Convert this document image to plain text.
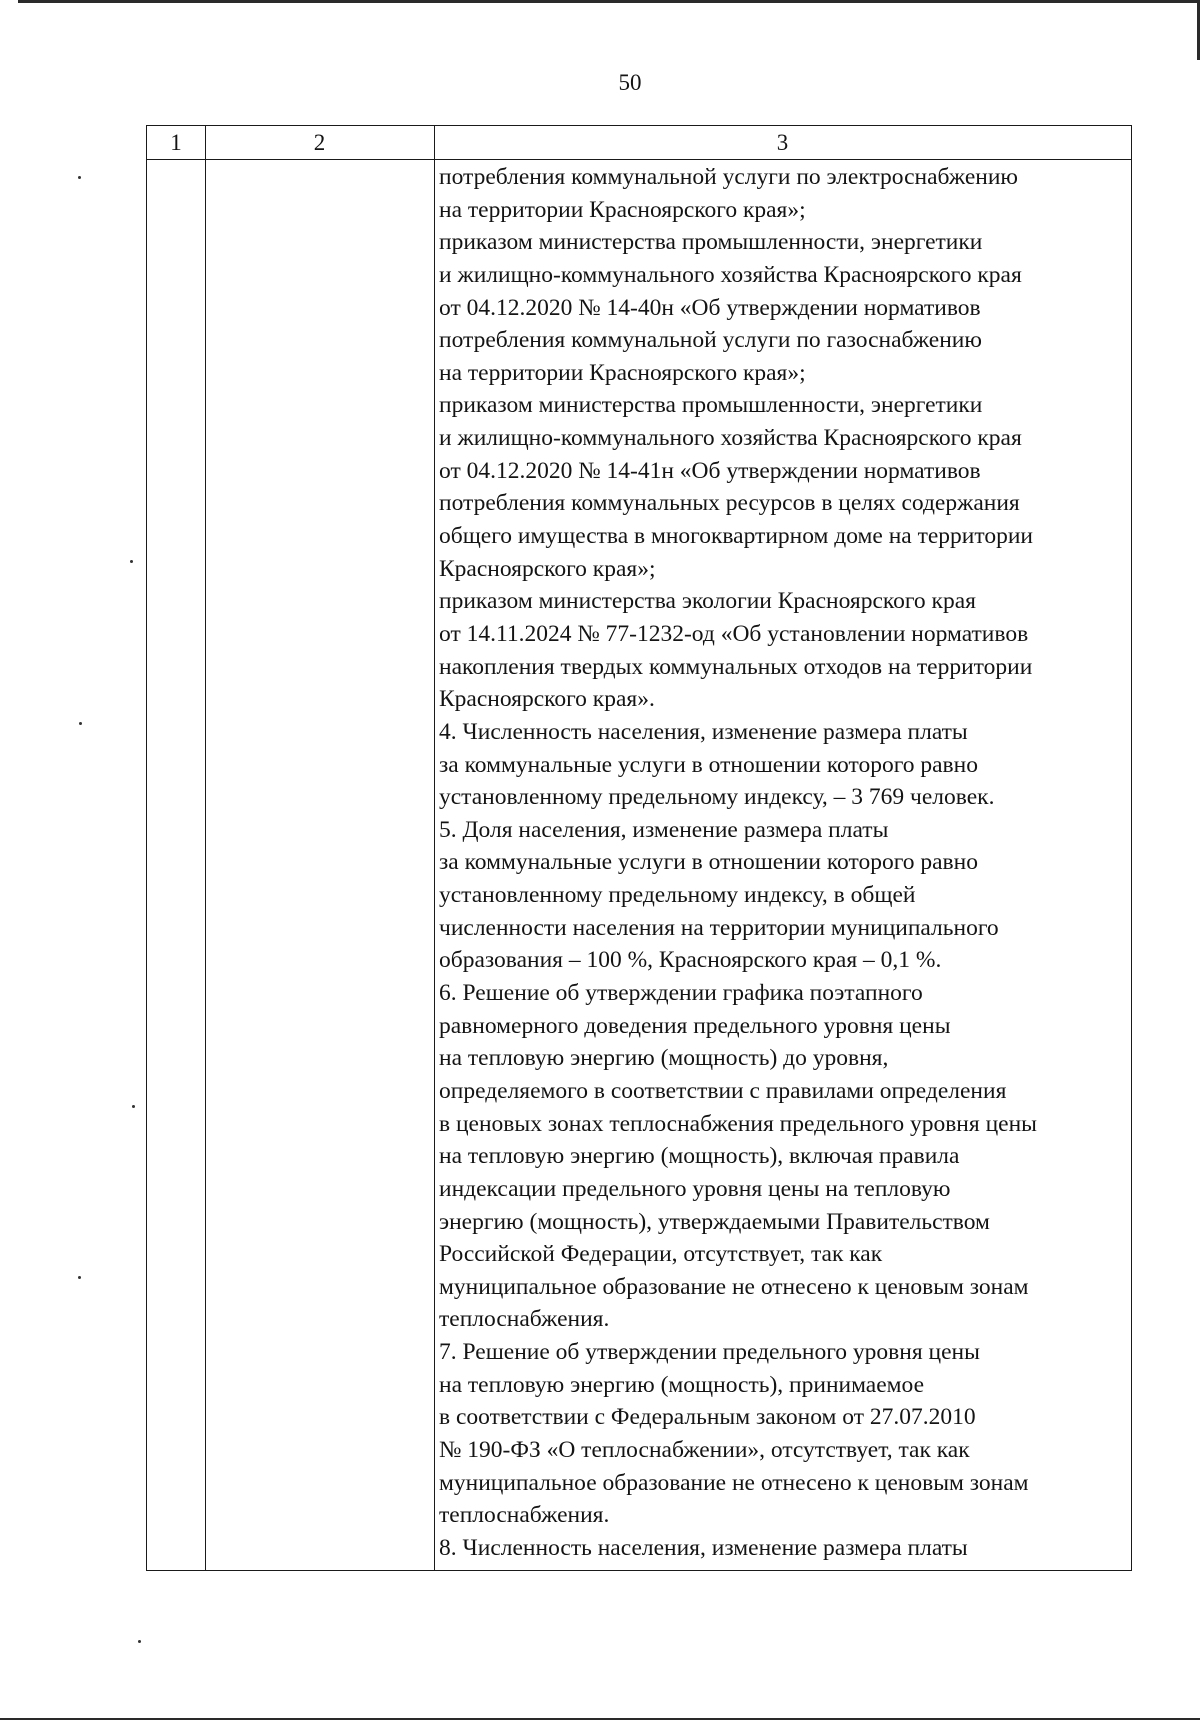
50
1	2	3
потребления коммунальной услуги по электроснабжению
на территории Красноярского края»;
приказом министерства промышленности, энергетики
и жилищно-коммунального хозяйства Красноярского края
от 04.12.2020 № 14-40н «Об утверждении нормативов
потребления коммунальной услуги по газоснабжению
на территории Красноярского края»;
приказом министерства промышленности, энергетики
и жилищно-коммунального хозяйства Красноярского края
от 04.12.2020 № 14-41н «Об утверждении нормативов
потребления коммунальных ресурсов в целях содержания
общего имущества в многоквартирном доме на территории
Красноярского края»;
приказом министерства экологии Красноярского края
от 14.11.2024 № 77-1232-од «Об установлении нормативов
накопления твердых коммунальных отходов на территории
Красноярского края».
4. Численность населения, изменение размера платы
за коммунальные услуги в отношении которого равно
установленному предельному индексу, – 3 769 человек.
5. Доля населения, изменение размера платы
за коммунальные услуги в отношении которого равно
установленному предельному индексу, в общей
численности населения на территории муниципального
образования – 100 %, Красноярского края – 0,1 %.
6. Решение об утверждении графика поэтапного
равномерного доведения предельного уровня цены
на тепловую энергию (мощность) до уровня,
определяемого в соответствии с правилами определения
в ценовых зонах теплоснабжения предельного уровня цены
на тепловую энергию (мощность), включая правила
индексации предельного уровня цены на тепловую
энергию (мощность), утверждаемыми Правительством
Российской Федерации, отсутствует, так как
муниципальное образование не отнесено к ценовым зонам
теплоснабжения.
7. Решение об утверждении предельного уровня цены
на тепловую энергию (мощность), принимаемое
в соответствии с Федеральным законом от 27.07.2010
№ 190-ФЗ «О теплоснабжении», отсутствует, так как
муниципальное образование не отнесено к ценовым зонам
теплоснабжения.
8. Численность населения, изменение размера платы
